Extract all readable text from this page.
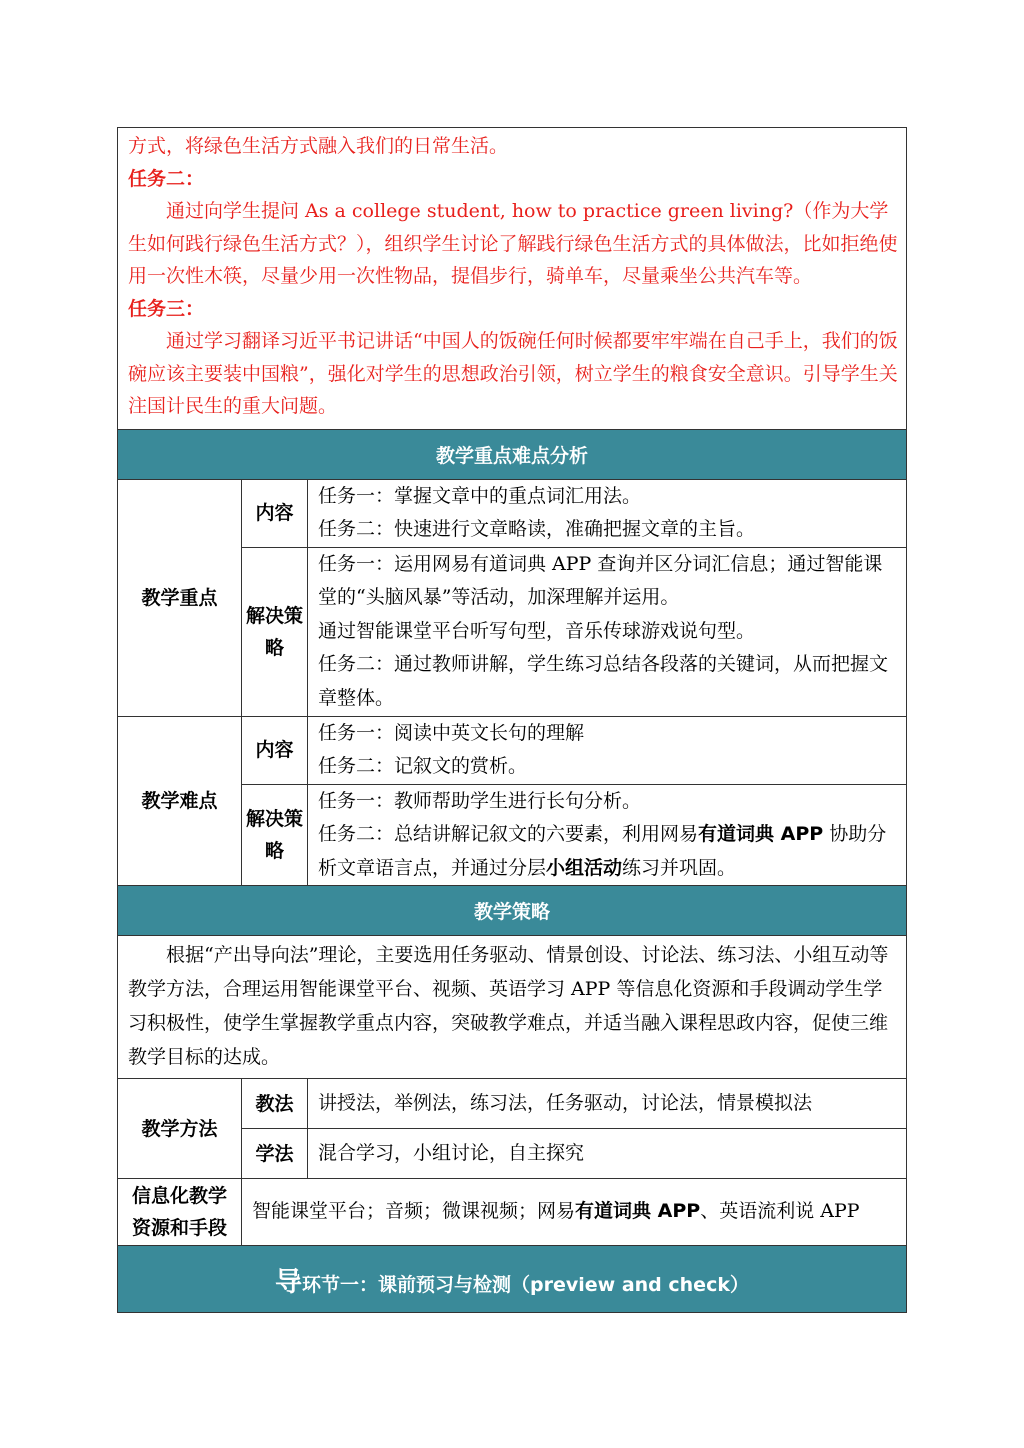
方式，将绿色生活方式融入我们的日常生活。

任务二：

通过向学生提问 As a college student, how to practice green living?（作为大学生如何践行绿色生活方式？），组织学生讨论了解践行绿色生活方式的具体做法，比如拒绝使用一次性木筷，尽量少用一次性物品，提倡步行，骑单车，尽量乘坐公共汽车等。

任务三：

通过学习翻译习近平书记讲话“中国人的饭碗任何时候都要牢牢端在自己手上，我们的饭碗应该主要装中国粮”，强化对学生的思想政治引领，树立学生的粮食安全意识。引导学生关注国计民生的重大问题。		

教学重点难点分析		
教学重点	内容	任务一：掌握文章中的重点词汇用法。

任务二：快速进行文章略读，准确把握文章的主旨。

	解决策略	任务一：运用网易有道词典 APP 查询并区分词汇信息；通过智能课堂的“头脑风暴”等活动，加深理解并运用。

通过智能课堂平台听写句型，音乐传球游戏说句型。

任务二：通过教师讲解，学生练习总结各段落的关键词，从而把握文章整体。

教学难点	内容	任务一：阅读中英文长句的理解

任务二：记叙文的赏析。

	解决策略	任务一：教师帮助学生进行长句分析。

任务二：总结讲解记叙文的六要素，利用网易有道词典 APP 协助分析文章语言点，并通过分层小组活动练习并巩固。

教学策略		

根据“产出导向法”理论，主要选用任务驱动、情景创设、讨论法、练习法、小组互动等教学方法，合理运用智能课堂平台、视频、英语学习 APP 等信息化资源和手段调动学生学习积极性，使学生掌握教学重点内容，突破教学难点，并适当融入课程思政内容，促使三维教学目标的达成。		

教学方法	教法	讲授法，举例法，练习法，任务驱动，讨论法，情景模拟法
	学法	混合学习，小组讨论，自主探究

信息化教学
资源和手段	智能课堂平台；音频；微课视频；网易有道词典 APP、英语流利说 APP	
导环节一：课前预习与检测（preview and check）		
